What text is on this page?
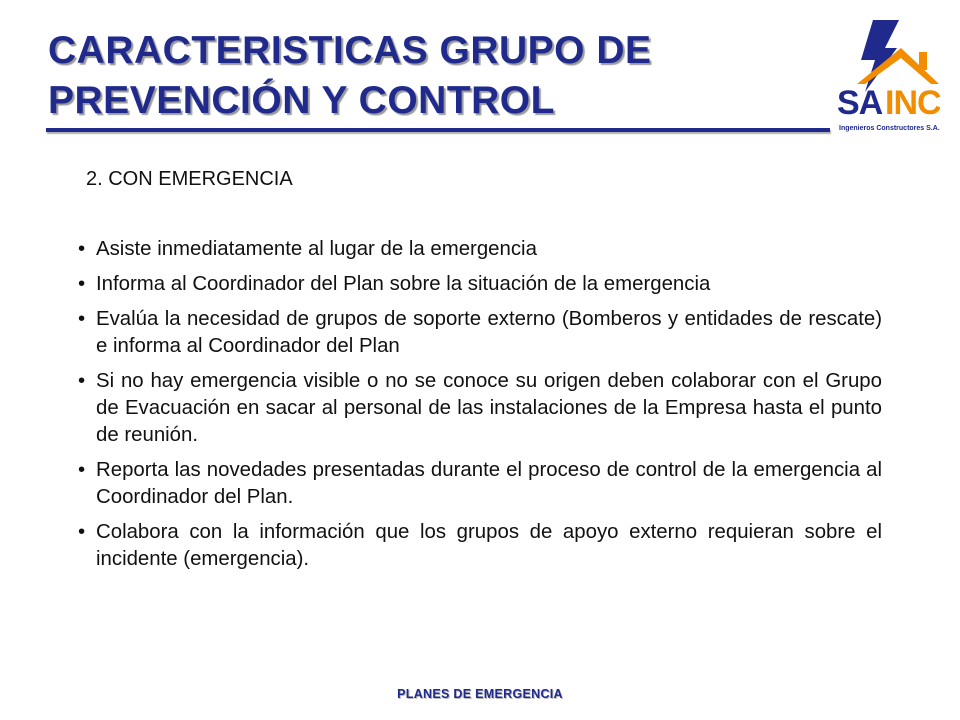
CARACTERISTICAS GRUPO DE
PREVENCIÓN Y CONTROL	SA INC
Ingenieros Constructores S.A.

2. CON EMERGENCIA

• Asiste inmediatamente al lugar de la emergencia
• Informa al Coordinador del Plan sobre la situación de la emergencia
• Evalúa la necesidad de grupos de soporte externo (Bomberos y entidades de rescate) e informa al Coordinador del Plan
• Si no hay emergencia visible o no se conoce su origen deben colaborar con el Grupo de Evacuación en sacar al personal de las instalaciones de la Empresa hasta el punto de reunión.
• Reporta las novedades presentadas durante el proceso de control de la emergencia al Coordinador del Plan.
• Colabora con la información que los grupos de apoyo externo requieran sobre el incidente (emergencia).
PLANES DE EMERGENCIA
